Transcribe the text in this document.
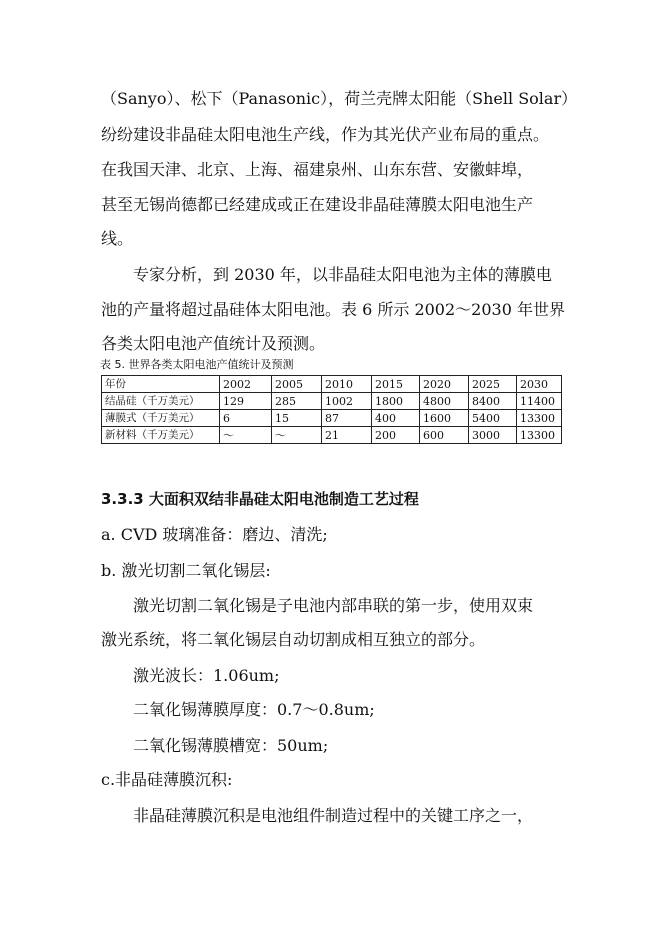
（Sanyo）、松下（Panasonic），荷兰壳牌太阳能（Shell Solar）
纷纷建设非晶硅太阳电池生产线，作为其光伏产业布局的重点。
在我国天津、北京、上海、福建泉州、山东东营、安徽蚌埠，
甚至无锡尚德都已经建成或正在建设非晶硅薄膜太阳电池生产
线。
专家分析，到 2030 年，以非晶硅太阳电池为主体的薄膜电
池的产量将超过晶硅体太阳电池。表 6 所示 2002～2030 年世界
各类太阳电池产值统计及预测。
表 5. 世界各类太阳电池产值统计及预测
年份	2002	2005	2010	2015	2020	2025	2030
结晶硅（千万美元）	129	285	1002	1800	4800	8400	11400
薄膜式（千万美元）	6	15	87	400	1600	5400	13300
新材料（千万美元）	～	～	21	200	600	3000	13300
3.3.3 大面积双结非晶硅太阳电池制造工艺过程
a. CVD 玻璃准备：磨边、清洗;
b. 激光切割二氧化锡层:
激光切割二氧化锡是子电池内部串联的第一步，使用双束
激光系统，将二氧化锡层自动切割成相互独立的部分。
激光波长：1.06um;
二氧化锡薄膜厚度：0.7～0.8um;
二氧化锡薄膜槽宽：50um;
c.非晶硅薄膜沉积:
非晶硅薄膜沉积是电池组件制造过程中的关键工序之一，
